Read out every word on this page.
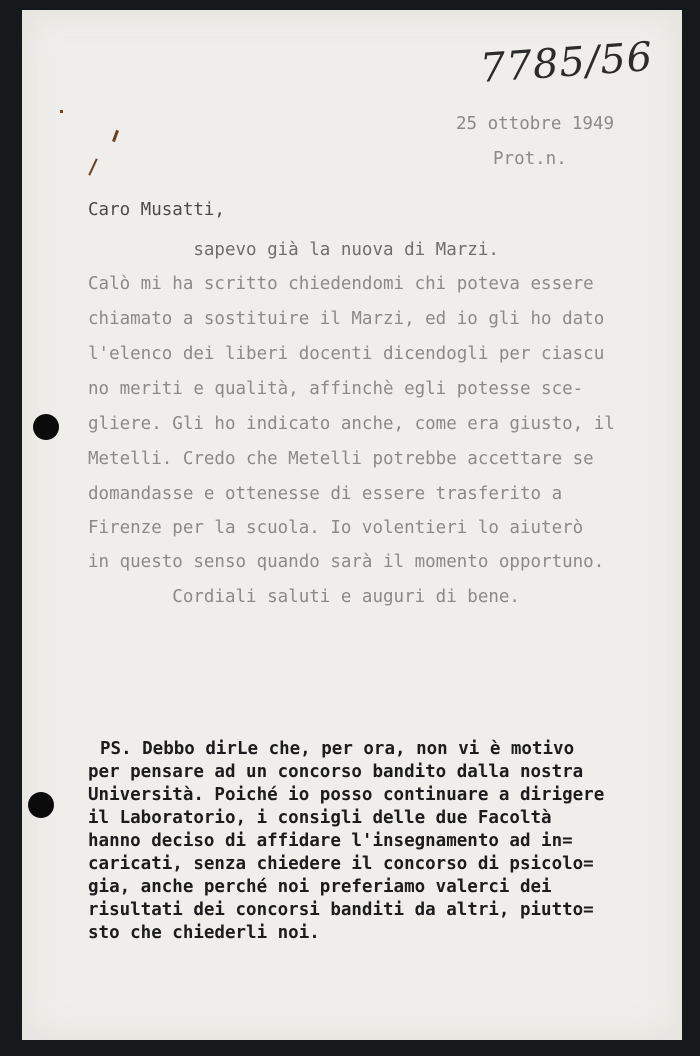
7785/56
25 ottobre 1949
Prot.n.
Caro Musatti,
sapevo già la nuova di Marzi.
Calò mi ha scritto chiedendomi chi poteva essere
chiamato a sostituire il Marzi, ed io gli ho dato
l'elenco dei liberi docenti dicendogli per ciascu
no meriti e qualità, affinchè egli potesse sce-
gliere. Gli ho indicato anche, come era giusto, il
Metelli. Credo che Metelli potrebbe accettare se
domandasse e ottenesse di essere trasferito a
Firenze per la scuola. Io volentieri lo aiuterò
in questo senso quando sarà il momento opportuno.
Cordiali saluti e auguri di bene.
PS. Debbo dirLe che, per ora, non vi è motivo
per pensare ad un concorso bandito dalla nostra
Università. Poiché io posso continuare a dirigere
il Laboratorio, i consigli delle due Facoltà
hanno deciso di affidare l'insegnamento ad in=
caricati, senza chiedere il concorso di psicolo=
gia, anche perché noi preferiamo valerci dei
risultati dei concorsi banditi da altri, piutto=
sto che chiederli noi.
